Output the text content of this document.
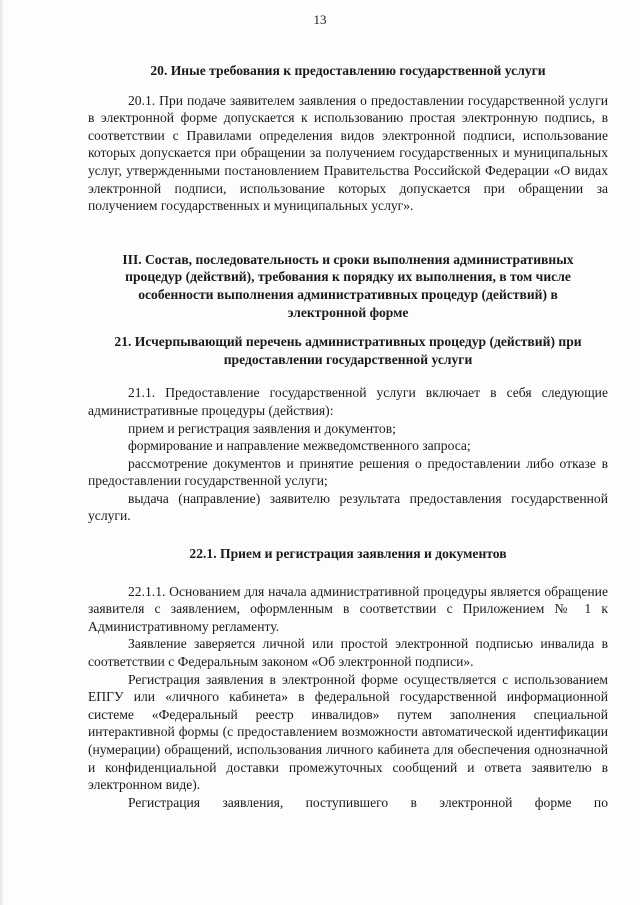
13

20. Иные требования к предоставлению государственной услуги

20.1. При подаче заявителем заявления о предоставлении государственной услуги в электронной форме допускается к использованию простая электронную подпись, в соответствии с Правилами определения видов электронной подписи, использование которых допускается при обращении за получением государственных и муниципальных услуг, утвержденными постановлением Правительства Российской Федерации «О видах электронной подписи, использование которых допускается при обращении за получением государственных и муниципальных услуг».

III. Состав, последовательность и сроки выполнения административных процедур (действий), требования к порядку их выполнения, в том числе особенности выполнения административных процедур (действий) в электронной форме

21. Исчерпывающий перечень административных процедур (действий) при предоставлении государственной услуги

21.1. Предоставление государственной услуги включает в себя следующие административные процедуры (действия):

прием и регистрация заявления и документов;

формирование и направление межведомственного запроса;

рассмотрение документов и принятие решения о предоставлении либо отказе в предоставлении государственной услуги;

выдача (направление) заявителю результата предоставления государственной услуги.

22.1. Прием и регистрация заявления и документов

22.1.1. Основанием для начала административной процедуры является обращение заявителя с заявлением, оформленным в соответствии с Приложением № 1 к Административному регламенту.

Заявление заверяется личной или простой электронной подписью инвалида в соответствии с Федеральным законом «Об электронной подписи».

Регистрация заявления в электронной форме осуществляется с использованием ЕПГУ или «личного кабинета» в федеральной государственной информационной системе «Федеральный реестр инвалидов» путем заполнения специальной интерактивной формы (с предоставлением возможности автоматической идентификации (нумерации) обращений, использования личного кабинета для обеспечения однозначной и конфиденциальной доставки промежуточных сообщений и ответа заявителю в электронном виде).

Регистрация заявления, поступившего в электронной форме по
